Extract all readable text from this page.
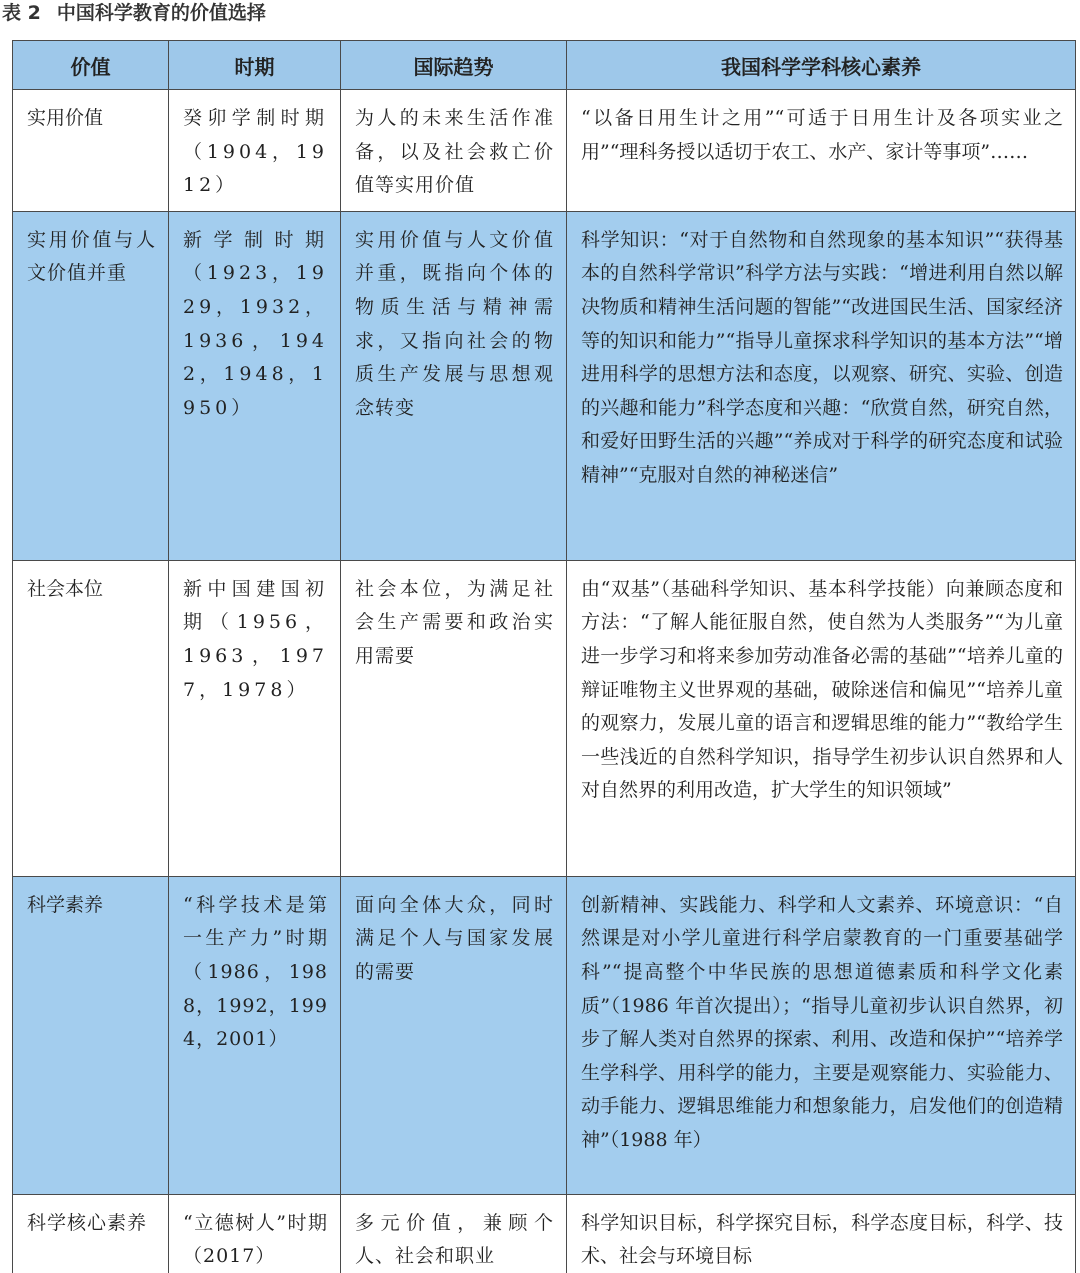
表 2 中国科学教育的价值选择
价值	时期	国际趋势	我国科学学科核心素养
实用价值	癸卯学制时期（1904，1912）	为人的未来生活作准备，以及社会救亡价值等实用价值	“以备日用生计之用”“可适于日用生计及各项实业之用”“理科务授以适切于农工、水产、家计等事项”……
实用价值与人文价值并重	新学制时期（1923，1929，1932，1936，1942，1948，1950）	实用价值与人文价值并重，既指向个体的物质生活与精神需求，又指向社会的物质生产发展与思想观念转变	科学知识：“对于自然物和自然现象的基本知识”“获得基本的自然科学常识”科学方法与实践：“增进利用自然以解决物质和精神生活问题的智能”“改进国民生活、国家经济等的知识和能力”“指导儿童探求科学知识的基本方法”“增进用科学的思想方法和态度，以观察、研究、实验、创造的兴趣和能力”科学态度和兴趣：“欣赏自然，研究自然，和爱好田野生活的兴趣”“养成对于科学的研究态度和试验精神”“克服对自然的神秘迷信”
社会本位	新中国建国初期（1956，1963，1977，1978）	社会本位，为满足社会生产需要和政治实用需要	由“双基”（基础科学知识、基本科学技能）向兼顾态度和方法：“了解人能征服自然，使自然为人类服务”“为儿童进一步学习和将来参加劳动准备必需的基础”“培养儿童的辩证唯物主义世界观的基础，破除迷信和偏见”“培养儿童的观察力，发展儿童的语言和逻辑思维的能力”“教给学生一些浅近的自然科学知识，指导学生初步认识自然界和人对自然界的利用改造，扩大学生的知识领域”
科学素养	“科学技术是第一生产力”时期（1986，1988，1992，1994，2001）	面向全体大众，同时满足个人与国家发展的需要	创新精神、实践能力、科学和人文素养、环境意识：“自然课是对小学儿童进行科学启蒙教育的一门重要基础学科”“提高整个中华民族的思想道德素质和科学文化素质”（1986 年首次提出）；“指导儿童初步认识自然界，初步了解人类对自然界的探索、利用、改造和保护”“培养学生学科学、用科学的能力，主要是观察能力、实验能力、动手能力、逻辑思维能力和想象能力，启发他们的创造精神”（1988 年）
科学核心素养	“立德树人”时期（2017）	多元价值，兼顾个人、社会和职业	科学知识目标，科学探究目标，科学态度目标，科学、技术、社会与环境目标
